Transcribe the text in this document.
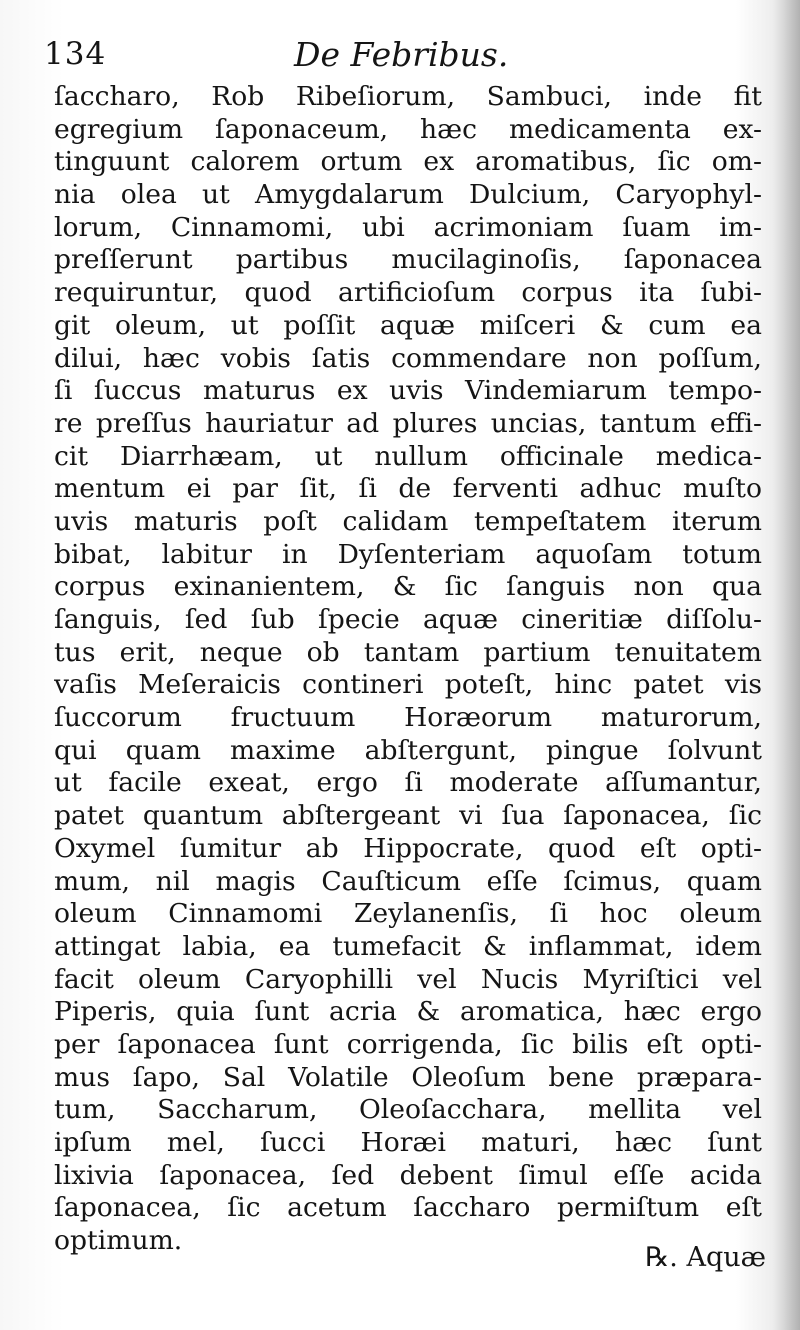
134	De Febribus.
ſaccharo, Rob Ribeſiorum, Sambuci, inde fit
egregium ſaponaceum, hæc medicamenta ex-
tinguunt calorem ortum ex aromatibus, ſic om-
nia olea ut Amygdalarum Dulcium, Caryophyl-
lorum, Cinnamomi, ubi acrimoniam ſuam im-
preſſerunt partibus mucilaginoſis, ſaponacea
requiruntur, quod artificioſum corpus ita ſubi-
git oleum, ut poſſit aquæ miſceri & cum ea
dilui, hæc vobis ſatis commendare non poſſum,
ſi ſuccus maturus ex uvis Vindemiarum tempo-
re preſſus hauriatur ad plures uncias, tantum effi-
cit Diarrhæam, ut nullum officinale medica-
mentum ei par ſit, ſi de ferventi adhuc muſto
uvis maturis poſt calidam tempeſtatem iterum
bibat, labitur in Dyſenteriam aquoſam totum
corpus exinanientem, & ſic ſanguis non qua
ſanguis, ſed ſub ſpecie aquæ cineritiæ diſſolu-
tus erit, neque ob tantam partium tenuitatem
vaſis Meſeraicis contineri poteſt, hinc patet vis
ſuccorum fructuum Horæorum maturorum,
qui quam maxime abſtergunt, pingue ſolvunt
ut facile exeat, ergo ſi moderate aſſumantur,
patet quantum abſtergeant vi ſua ſaponacea, ſic
Oxymel ſumitur ab Hippocrate, quod eſt opti-
mum, nil magis Cauſticum eſſe ſcimus, quam
oleum Cinnamomi Zeylanenſis, ſi hoc oleum
attingat labia, ea tumefacit & inflammat, idem
facit oleum Caryophilli vel Nucis Myriſtici vel
Piperis, quia ſunt acria & aromatica, hæc ergo
per ſaponacea ſunt corrigenda, ſic bilis eſt opti-
mus ſapo, Sal Volatile Oleoſum bene præpara-
tum, Saccharum, Oleoſacchara, mellita vel
ipſum mel, ſucci Horæi maturi, hæc ſunt
lixivia ſaponacea, ſed debent ſimul eſſe acida
ſaponacea, ſic acetum ſaccharo permiſtum eſt
optimum.
℞. Aquæ
